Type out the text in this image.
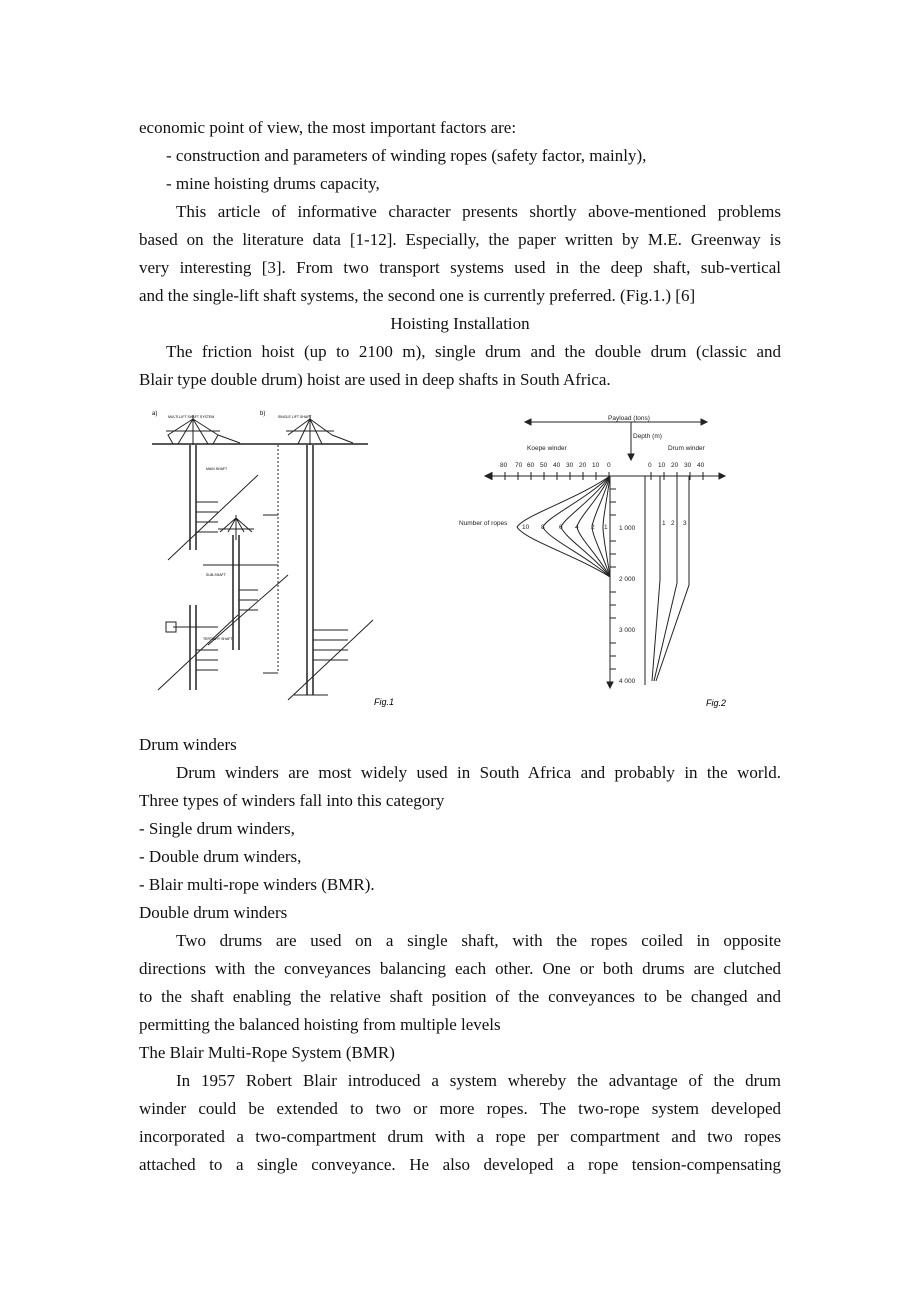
economic point of view, the most important factors are:
- construction and parameters of winding ropes (safety factor, mainly),
- mine hoisting drums capacity,
This article of informative character presents shortly above-mentioned problems
based on the literature data [1-12]. Especially, the paper written by M.E. Greenway is
very interesting [3]. From two transport systems used in the deep shaft, sub-vertical
and the single-lift shaft systems, the second one is currently preferred. (Fig.1.) [6]
Hoisting Installation
The friction hoist (up to 2100 m), single drum and the double drum (classic and
Blair type double drum) hoist are used in deep shafts in South Africa.
a)	b)
MULTI-LIFT SHAFT SYSTEM	SINGLE LIFT SHAFT
MAIN SHAFT
SUB-SHAFT
TERTIARY SHAFT
Fig.1
Payload (tons)
Depth (m)
Koepe winder	Drum winder
Number of ropes
80 70 60 50 40 30 20 10 0	0 10 20 30 40
1 000
2 000
3 000
4 000
10 8 6 4 2 1
1 2 3
Fig.2
Drum winders
Drum winders are most widely used in South Africa and probably in the world.
Three types of winders fall into this category
- Single drum winders,
- Double drum winders,
- Blair multi-rope winders (BMR).
Double drum winders
Two drums are used on a single shaft, with the ropes coiled in opposite
directions with the conveyances balancing each other. One or both drums are clutched
to the shaft enabling the relative shaft position of the conveyances to be changed and
permitting the balanced hoisting from multiple levels
The Blair Multi-Rope System (BMR)
In 1957 Robert Blair introduced a system whereby the advantage of the drum
winder could be extended to two or more ropes. The two-rope system developed
incorporated a two-compartment drum with a rope per compartment and two ropes
attached to a single conveyance. He also developed a rope tension-compensating
